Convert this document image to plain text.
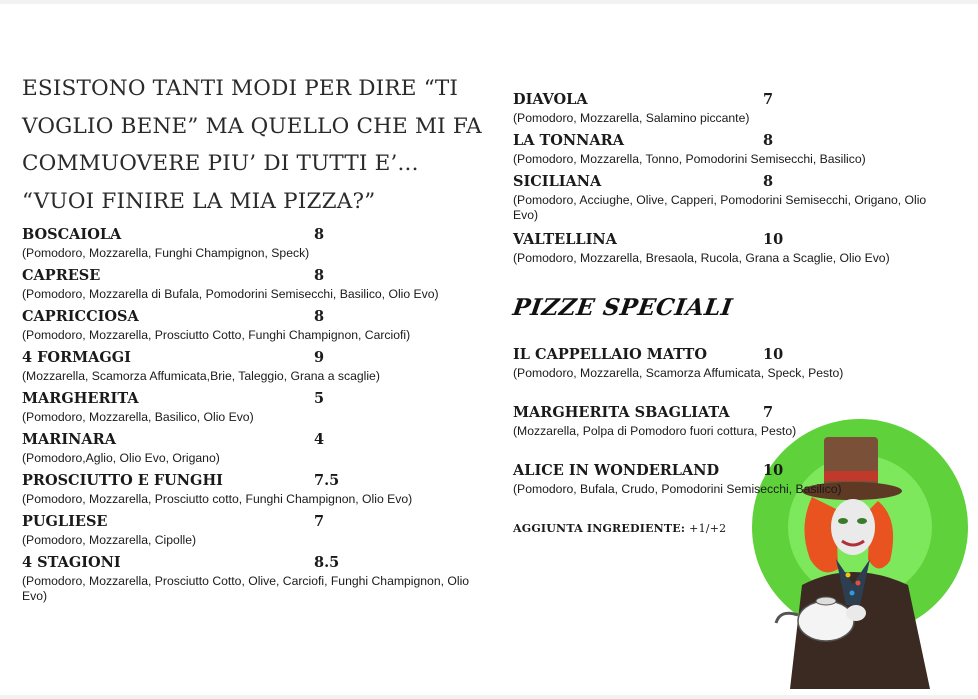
ESISTONO TANTI MODI PER DIRE “TI
VOGLIO BENE” MA QUELLO CHE MI FA
COMMUOVERE PIU’ DI TUTTI E’...
“VUOI FINIRE LA MIA PIZZA?”
BOSCAIOLA	8
(Pomodoro, Mozzarella, Funghi Champignon, Speck)
CAPRESE	8
(Pomodoro, Mozzarella di Bufala, Pomodorini Semisecchi, Basilico, Olio Evo)
CAPRICCIOSA	8
(Pomodoro, Mozzarella, Prosciutto Cotto, Funghi Champignon, Carciofi)
4 FORMAGGI	9
(Mozzarella, Scamorza Affumicata,Brie, Taleggio, Grana a scaglie)
MARGHERITA	5
(Pomodoro, Mozzarella, Basilico, Olio Evo)
MARINARA	4
(Pomodoro,Aglio, Olio Evo, Origano)
PROSCIUTTO E FUNGHI	7.5
(Pomodoro, Mozzarella, Prosciutto cotto, Funghi Champignon, Olio Evo)
PUGLIESE	7
(Pomodoro, Mozzarella, Cipolle)
4 STAGIONI	8.5
(Pomodoro, Mozzarella, Prosciutto Cotto, Olive, Carciofi, Funghi Champignon, Olio Evo)
DIAVOLA	7
(Pomodoro, Mozzarella, Salamino piccante)
LA TONNARA	8
(Pomodoro, Mozzarella, Tonno, Pomodorini Semisecchi, Basilico)
SICILIANA	8
(Pomodoro, Acciughe, Olive, Capperi, Pomodorini Semisecchi, Origano, Olio Evo)
VALTELLINA	10
(Pomodoro, Mozzarella, Bresaola, Rucola, Grana a Scaglie, Olio Evo)
PIZZE SPECIALI
IL CAPPELLAIO MATTO	10
(Pomodoro, Mozzarella, Scamorza Affumicata, Speck, Pesto)
MARGHERITA SBAGLIATA 7
(Mozzarella, Polpa di Pomodoro fuori cottura, Pesto)
ALICE IN WONDERLAND	10
(Pomodoro, Bufala, Crudo, Pomodorini Semisecchi, Basilico)
AGGIUNTA INGREDIENTE: +1/+2
